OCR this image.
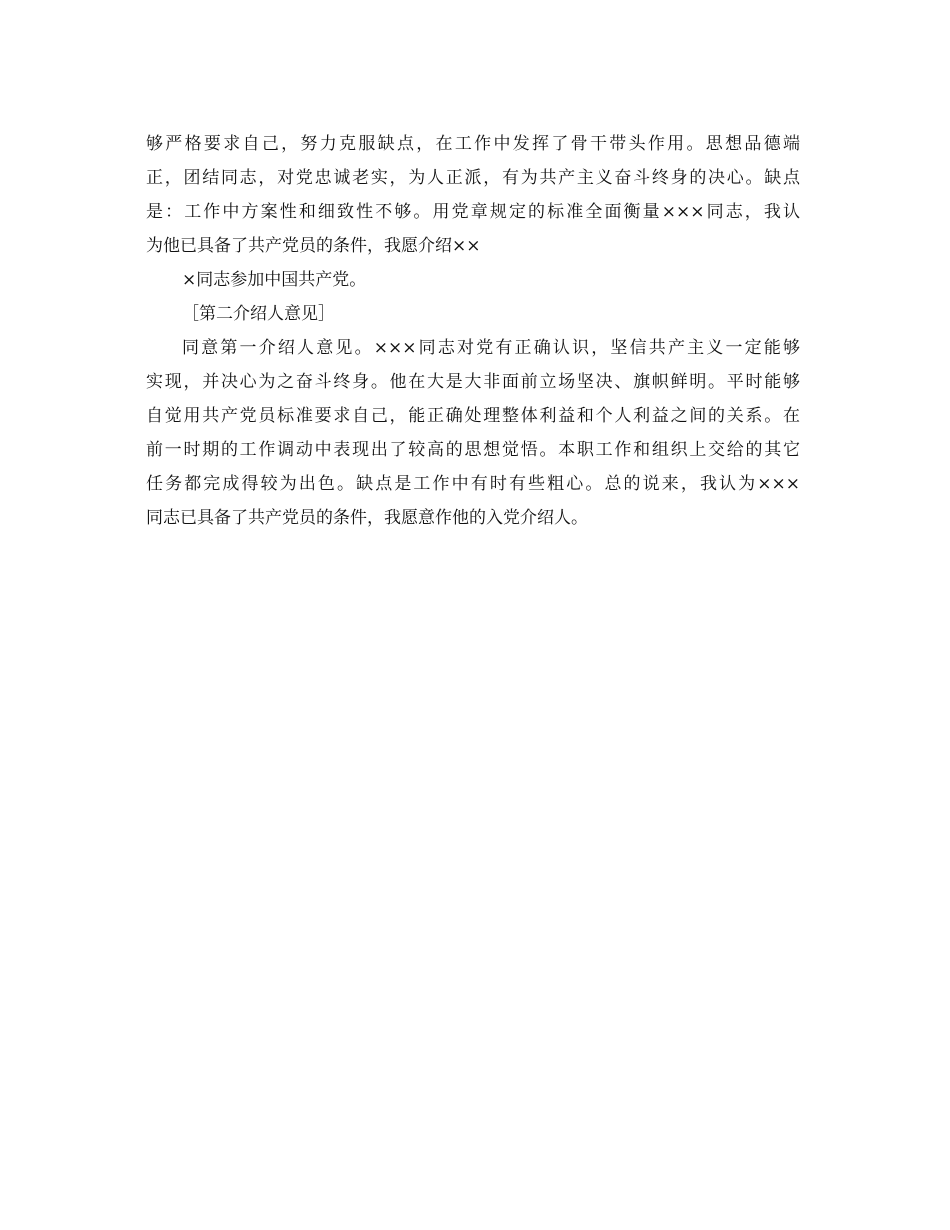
够严格要求自己，努力克服缺点，在工作中发挥了骨干带头作用。思想品德端
正，团结同志，对党忠诚老实，为人正派，有为共产主义奋斗终身的决心。缺点
是：工作中方案性和细致性不够。用党章规定的标准全面衡量×××同志，我认
为他已具备了共产党员的条件，我愿介绍××
×同志参加中国共产党。
［第二介绍人意见］
同意第一介绍人意见。×××同志对党有正确认识，坚信共产主义一定能够
实现，并决心为之奋斗终身。他在大是大非面前立场坚决、旗帜鲜明。平时能够
自觉用共产党员标准要求自己，能正确处理整体利益和个人利益之间的关系。在
前一时期的工作调动中表现出了较高的思想觉悟。本职工作和组织上交给的其它
任务都完成得较为出色。缺点是工作中有时有些粗心。总的说来，我认为×××
同志已具备了共产党员的条件，我愿意作他的入党介绍人。
